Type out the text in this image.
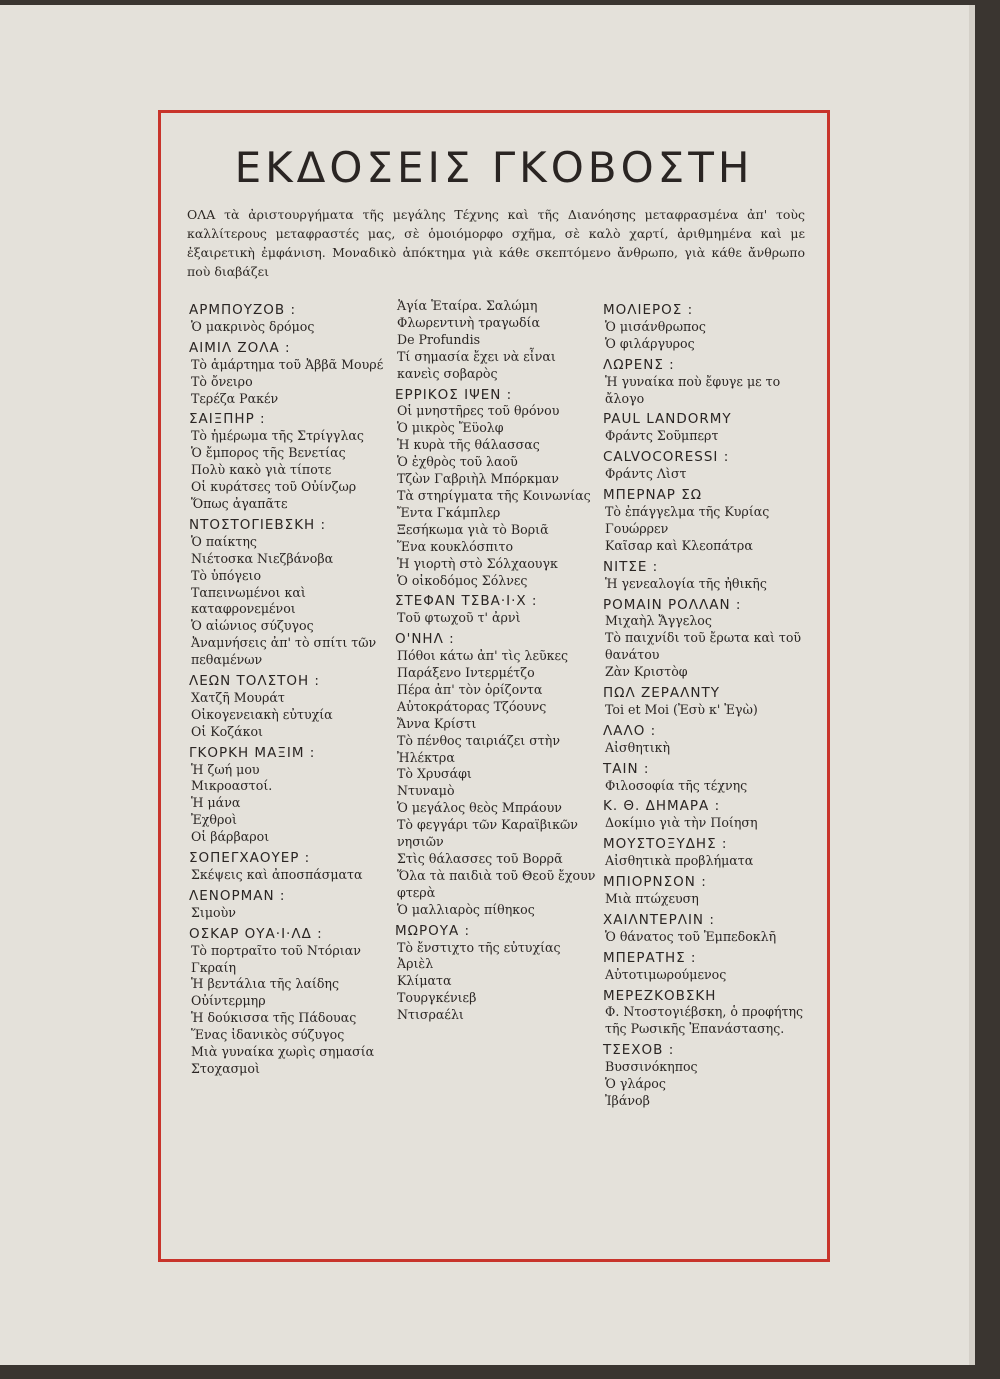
ΕΚΔΟΣΕΙΣ ΓΚΟΒΟΣΤΗ
ΟΛΑ τὰ ἀριστουργήματα τῆς μεγάλης Τέχνης καὶ τῆς Διανόησης μεταφρασμένα ἀπ' τοὺς καλλίτερους μεταφραστές μας, σὲ ὁμοιόμορφο σχῆμα, σὲ καλὸ χαρτί, ἀριθμημένα καὶ με ἐξαιρετικὴ ἐμφάνιση. Μοναδικὸ ἀπόκτημα γιὰ κάθε σκεπτόμενο ἄνθρωπο, γιὰ κάθε ἄνθρωπο ποὺ διαβάζει
ΑΡΜΠΟΥΖΟΒ :
Ὁ μακρινὸς δρόμος
ΑΙΜΙΛ ΖΟΛΑ :
Τὸ ἁμάρτημα τοῦ Ἀββᾶ Μουρέ
Τὸ ὄνειρο
Τερέζα Ρακέν
ΣΑΙΞΠΗΡ :
Τὸ ἡμέρωμα τῆς Στρίγγλας
Ὁ ἔμπορος τῆς Βενετίας
Πολὺ κακὸ γιὰ τίποτε
Οἱ κυράτσες τοῦ Οὐίνζωρ
Ὅπως ἀγαπᾶτε
ΝΤΟΣΤΟΓΙΕΒΣΚΗ :
Ὁ παίκτης
Νιέτοσκα Νιεζβάνοβα
Τὸ ὑπόγειο
Ταπεινωμένοι καὶ καταφρονεμένοι
Ὁ αἰώνιος σύζυγος
Ἀναμνήσεις ἀπ' τὸ σπίτι τῶν πεθαμένων
ΛΕΩΝ ΤΟΛΣΤΟΗ :
Χατζῆ Μουράτ
Οἰκογενειακὴ εὐτυχία
Οἱ Κοζάκοι
ΓΚΟΡΚΗ ΜΑΞΙΜ :
Ἡ ζωή μου
Μικροαστοί.
Ἡ μάνα
Ἐχθροὶ
Οἱ βάρβαροι
ΣΟΠΕΓΧΑΟΥΕΡ :
Σκέψεις καὶ ἀποσπάσματα
ΛΕΝΟΡΜΑΝ :
Σιμοὺν
ΟΣΚΑΡ ΟΥΑ·Ι·ΛΔ :
Τὸ πορτραῖτο τοῦ Ντόριαν Γκραίη
Ἡ βεντάλια τῆς λαίδης Οὐίντερμηρ
Ἡ δούκισσα τῆς Πάδουας
Ἕνας ἰδανικὸς σύζυγος
Μιὰ γυναίκα χωρὶς σημασία
Στοχασμοὶ
Ἁγία Ἑταίρα. Σαλώμη
Φλωρεντινὴ τραγωδία
De Profundis
Τί σημασία ἔχει νὰ εἶναι κανεὶς σοβαρὸς
ΕΡΡΙΚΟΣ ΙΨΕΝ :
Οἱ μνηστῆρες τοῦ θρόνου
Ὁ μικρὸς Ἔϋολφ
Ἡ κυρὰ τῆς θάλασσας
Ὁ ἐχθρὸς τοῦ λαοῦ
Τζὼν Γαβριὴλ Μπόρκμαν
Τὰ στηρίγματα τῆς Κοινωνίας
Ἔντα Γκάμπλερ
Ξεσήκωμα γιὰ τὸ Βοριᾶ
Ἕνα κουκλόσπιτο
Ἡ γιορτὴ στὸ Σόλχαουγκ
Ὁ οἰκοδόμος Σόλνες
ΣΤΕΦΑΝ ΤΣΒΑ·Ι·Χ :
Τοῦ φτωχοῦ τ' ἀρνὶ
Ο'ΝΗΛ :
Πόθοι κάτω ἀπ' τὶς λεῦκες
Παράξενο Ιντερμέτζο
Πέρα ἀπ' τὸν ὁρίζοντα
Αὐτοκράτορας Τζόουνς
Ἄννα Κρίστι
Τὸ πένθος ταιριάζει στὴν Ἠλέκτρα
Τὸ Χρυσάφι
Ντυναμὸ
Ὁ μεγάλος θεὸς Μπράουν
Τὸ φεγγάρι τῶν Καραϊβικῶν νησιῶν
Στὶς θάλασσες τοῦ Βορρᾶ
Ὅλα τὰ παιδιὰ τοῦ Θεοῦ ἔχουν φτερὰ
Ὁ μαλλιαρὸς πίθηκος
ΜΩΡΟΥΑ :
Τὸ ἔνστιχτο τῆς εὐτυχίας
Ἀριὲλ
Κλίματα
Τουργκένιεβ
Ντισραέλι
ΜΟΛΙΕΡΟΣ :
Ὁ μισάνθρωπος
Ὁ φιλάργυρος
ΛΩΡΕΝΣ :
Ἡ γυναίκα ποὺ ἔφυγε με το ἄλογο
PAUL LANDORMY
Φράντς Σοῦμπερτ
CALVOCORESSI :
Φράντς Λὶστ
ΜΠΕΡΝΑΡ ΣΩ
Τὸ ἐπάγγελμα τῆς Κυρίας Γουώρρεν
Καῖσαρ καὶ Κλεοπάτρα
ΝΙΤΣΕ :
Ἡ γενεαλογία τῆς ἠθικῆς
ΡΟΜΑΙΝ ΡΟΛΛΑΝ :
Μιχαὴλ Ἄγγελος
Τὸ παιχνίδι τοῦ ἔρωτα καὶ τοῦ θανάτου
Ζὰν Κριστὸφ
ΠΩΛ ΖΕΡΑΛΝΤΥ
Toi et Moi (Ἐσὺ κ' Ἐγὼ)
ΛΑΛΟ :
Αἰσθητικὴ
ΤΑΙΝ :
Φιλοσοφία τῆς τέχνης
Κ. Θ. ΔΗΜΑΡΑ :
Δοκίμιο γιὰ τὴν Ποίηση
ΜΟΥΣΤΟΞΥΔΗΣ :
Αἰσθητικὰ προβλήματα
ΜΠΙΟΡΝΣΟΝ :
Μιὰ πτώχευση
ΧΑΙΛΝΤΕΡΛΙΝ :
Ὁ θάνατος τοῦ Ἐμπεδοκλῆ
ΜΠΕΡΑΤΗΣ :
Αὐτοτιμωρούμενος
ΜΕΡΕΖΚΟΒΣΚΗ
Φ. Ντοστογιέβσκη, ὁ προφήτης τῆς Ρωσικῆς Ἐπανάστασης.
ΤΣΕΧΟΒ :
Βυσσινόκηπος
Ὁ γλάρος
Ἰβάνοβ
